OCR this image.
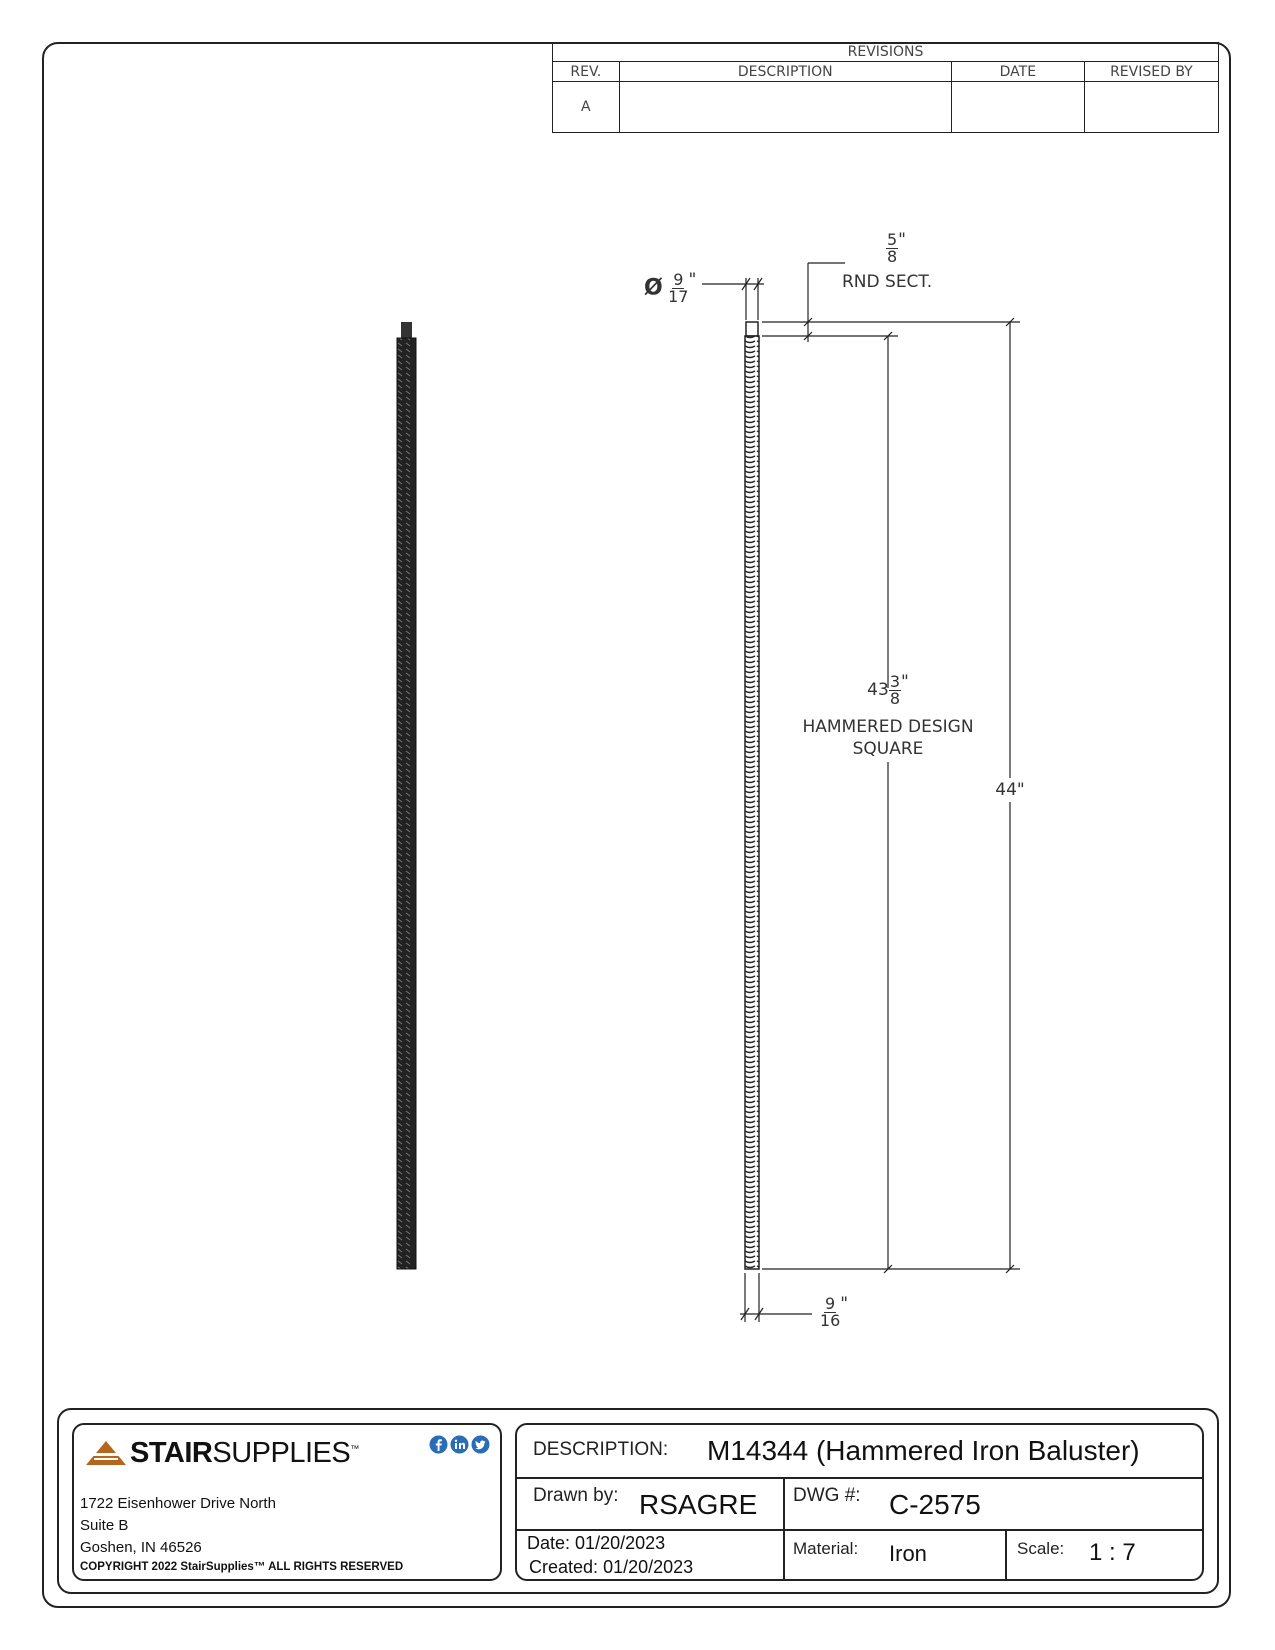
REVISIONS			
REV.	DESCRIPTION	DATE	REVISED BY
A			
Ø $\frac{9}{17}$ "
$\frac{5}{8}$ "
RND SECT.
$43 \frac{3}{8}$ "
HAMMERED DESIGN
SQUARE
44"
$\frac{9}{16}$ "
STAIRSUPPLIES™
1722 Eisenhower Drive North
Suite B
Goshen, IN 46526
COPYRIGHT 2022 StairSupplies™ ALL RIGHTS RESERVED
DESCRIPTION: M14344 (Hammered Iron Baluster)
Drawn by: RSAGRE DWG #: C-2575
Date: 01/20/2023
Created: 01/20/2023
Material: Iron	Scale: 1 : 7
